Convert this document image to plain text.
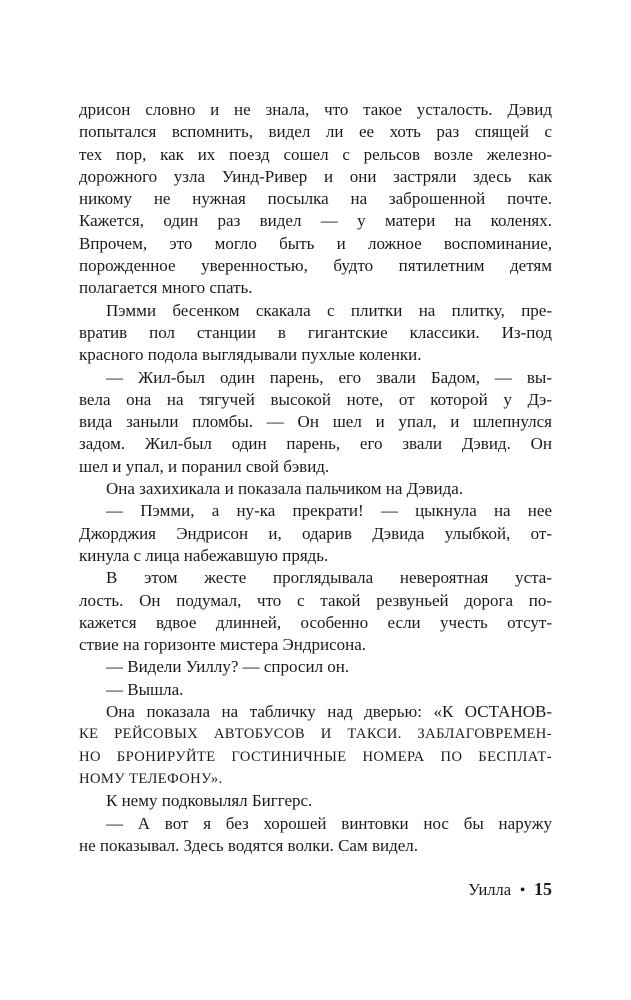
дрисон словно и не знала, что такое усталость. Дэвид
попытался вспомнить, видел ли ее хоть раз спящей с
тех пор, как их поезд сошел с рельсов возле железно-
дорожного узла Уинд-Ривер и они застряли здесь как
никому не нужная посылка на заброшенной почте.
Кажется, один раз видел — у матери на коленях.
Впрочем, это могло быть и ложное воспоминание,
порожденное уверенностью, будто пятилетним детям
полагается много спать.
Пэмми бесенком скакала с плитки на плитку, пре-
вратив пол станции в гигантские классики. Из-под
красного подола выглядывали пухлые коленки.
— Жил-был один парень, его звали Бадом, — вы-
вела она на тягучей высокой ноте, от которой у Дэ-
вида заныли пломбы. — Он шел и упал, и шлепнулся
задом. Жил-был один парень, его звали Дэвид. Он
шел и упал, и поранил свой бэвид.
Она захихикала и показала пальчиком на Дэвида.
— Пэмми, а ну-ка прекрати! — цыкнула на нее
Джорджия Эндрисон и, одарив Дэвида улыбкой, от-
кинула с лица набежавшую прядь.
В этом жесте проглядывала невероятная уста-
лость. Он подумал, что с такой резвуньей дорога по-
кажется вдвое длинней, особенно если учесть отсут-
ствие на горизонте мистера Эндрисона.
— Видели Уиллу? — спросил он.
— Вышла.
Она показала на табличку над дверью: «К ОСТАНОВ-
КЕ РЕЙСОВЫХ АВТОБУСОВ И ТАКСИ. ЗАБЛАГОВРЕМЕН-
НО БРОНИРУЙТЕ ГОСТИНИЧНЫЕ НОМЕРА ПО БЕСПЛАТ-
НОМУ ТЕЛЕФОНУ».
К нему подковылял Биггерс.
— А вот я без хорошей винтовки нос бы наружу
не показывал. Здесь водятся волки. Сам видел.
Уилла • 15
